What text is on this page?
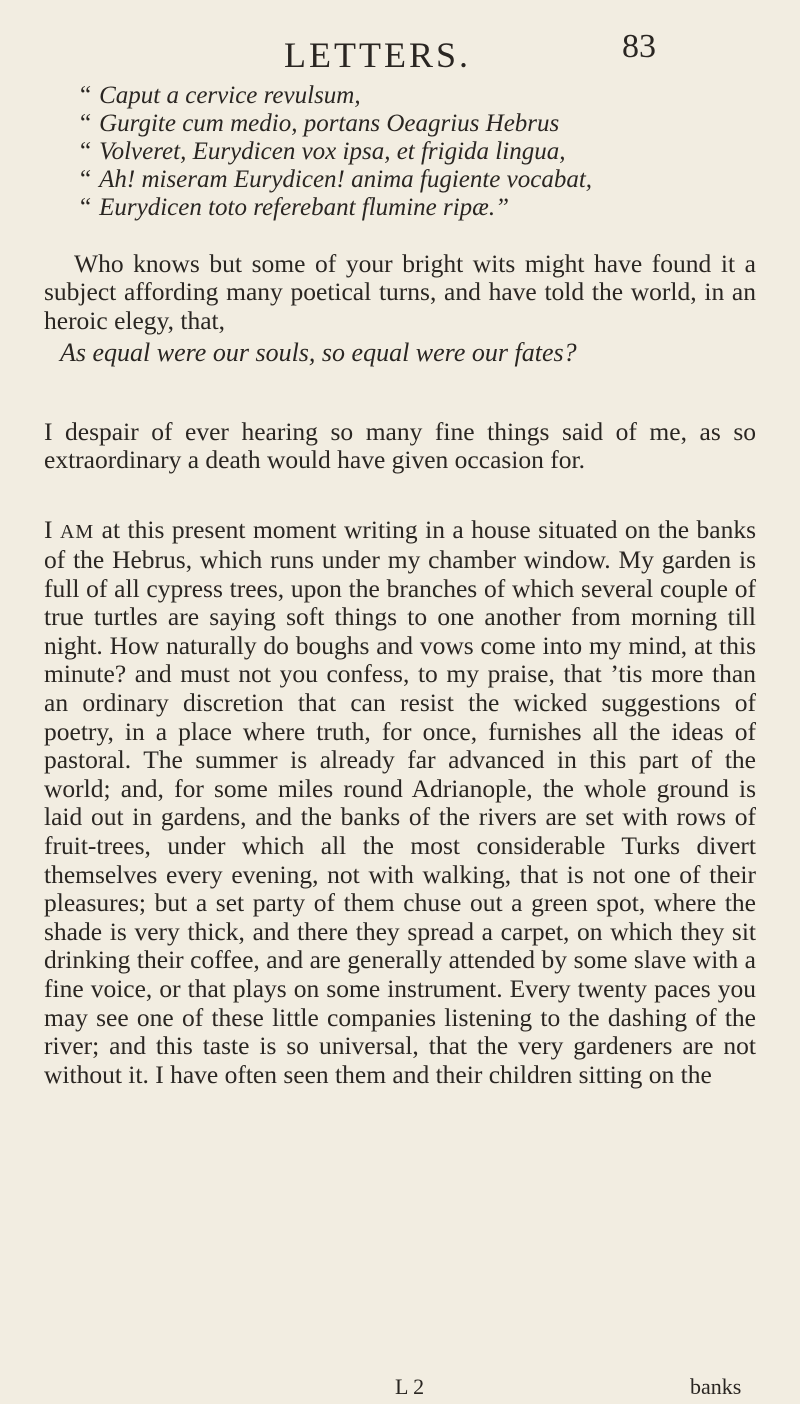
LETTERS.	83
“ Caput a cervice revulsum,
“ Gurgite cum medio, portans Oeagrius Hebrus
“ Volveret, Eurydicen vox ipsa, et frigida lingua,
“ Ah! miseram Eurydicen! anima fugiente vocabat,
“ Eurydicen toto referebant flumine ripæ.”

Who knows but some of your bright wits might have found it a subject affording many poetical turns, and have told the world, in an heroic elegy, that,

As equal were our souls, so equal were our fates?

I despair of ever hearing so many fine things said of me, as so extraordinary a death would have given occasion for.

I AM at this present moment writing in a house situated on the banks of the Hebrus, which runs under my chamber window. My garden is full of all cypress trees, upon the branches of which several couple of true turtles are saying soft things to one another from morning till night. How naturally do boughs and vows come into my mind, at this minute? and must not you confess, to my praise, that ’tis more than an ordinary discretion that can resist the wicked suggestions of poetry, in a place where truth, for once, furnishes all the ideas of pastoral. The summer is already far advanced in this part of the world; and, for some miles round Adrianople, the whole ground is laid out in gardens, and the banks of the rivers are set with rows of fruit-trees, under which all the most considerable Turks divert themselves every evening, not with walking, that is not one of their pleasures; but a set party of them chuse out a green spot, where the shade is very thick, and there they spread a carpet, on which they sit drinking their coffee, and are generally attended by some slave with a fine voice, or that plays on some instrument. Every twenty paces you may see one of these little companies listening to the dashing of the river; and this taste is so universal, that the very gardeners are not without it. I have often seen them and their children sitting on the

L 2	banks
